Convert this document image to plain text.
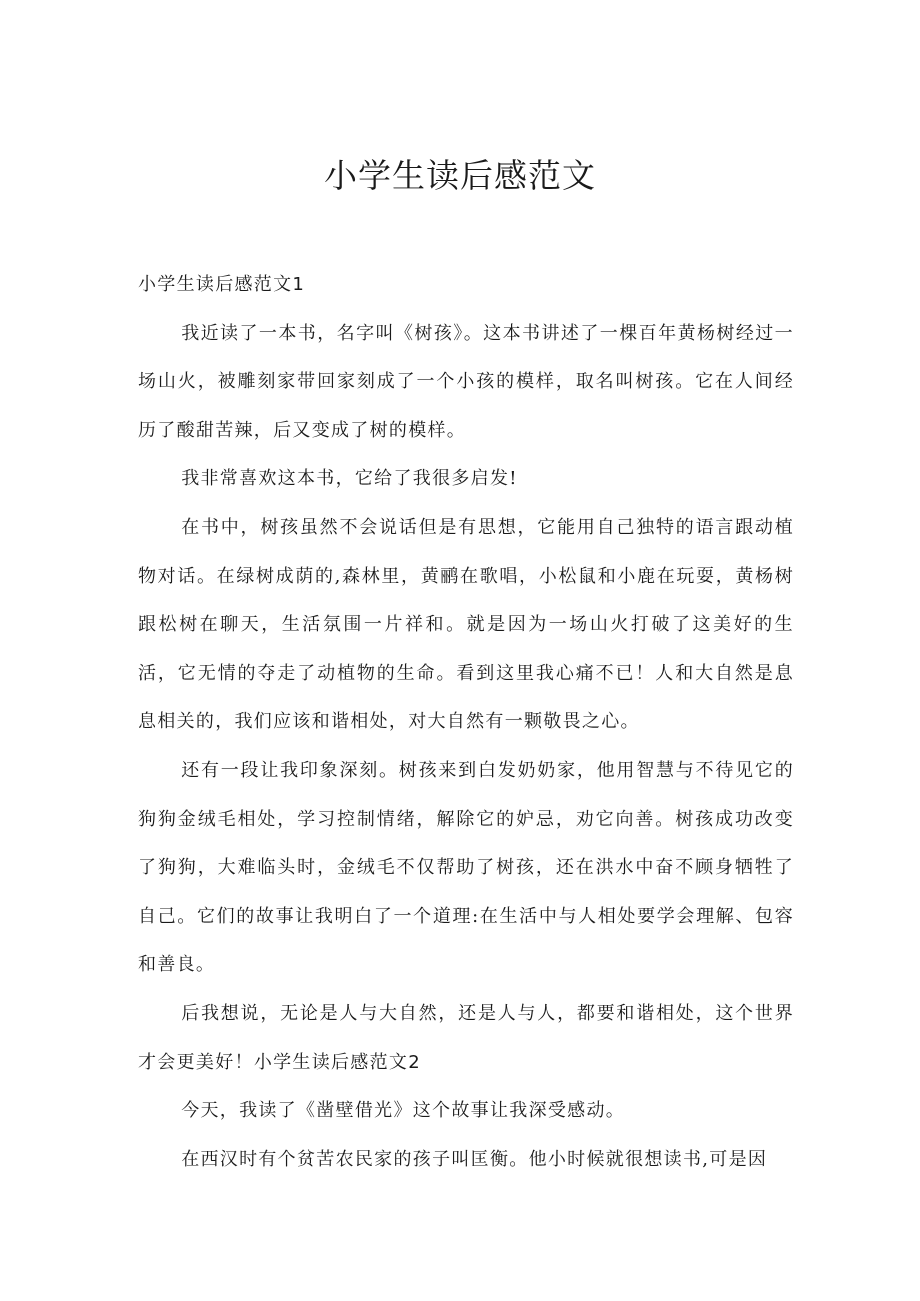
小学生读后感范文

小学生读后感范文1

我近读了一本书，名字叫《树孩》。这本书讲述了一棵百年黄杨树经过一场山火，被雕刻家带回家刻成了一个小孩的模样，取名叫树孩。它在人间经历了酸甜苦辣，后又变成了树的模样。

我非常喜欢这本书，它给了我很多启发!

在书中，树孩虽然不会说话但是有思想，它能用自己独特的语言跟动植物对话。在绿树成荫的,森林里，黄鹂在歌唱，小松鼠和小鹿在玩耍，黄杨树跟松树在聊天，生活氛围一片祥和。就是因为一场山火打破了这美好的生活，它无情的夺走了动植物的生命。看到这里我心痛不已！人和大自然是息息相关的，我们应该和谐相处，对大自然有一颗敬畏之心。

还有一段让我印象深刻。树孩来到白发奶奶家，他用智慧与不待见它的狗狗金绒毛相处，学习控制情绪，解除它的妒忌，劝它向善。树孩成功改变了狗狗，大难临头时，金绒毛不仅帮助了树孩，还在洪水中奋不顾身牺牲了自己。它们的故事让我明白了一个道理:在生活中与人相处要学会理解、包容和善良。

后我想说，无论是人与大自然，还是人与人，都要和谐相处，这个世界才会更美好！小学生读后感范文2

今天，我读了《凿壁借光》这个故事让我深受感动。

在西汉时有个贫苦农民家的孩子叫匡衡。他小时候就很想读书,可是因
